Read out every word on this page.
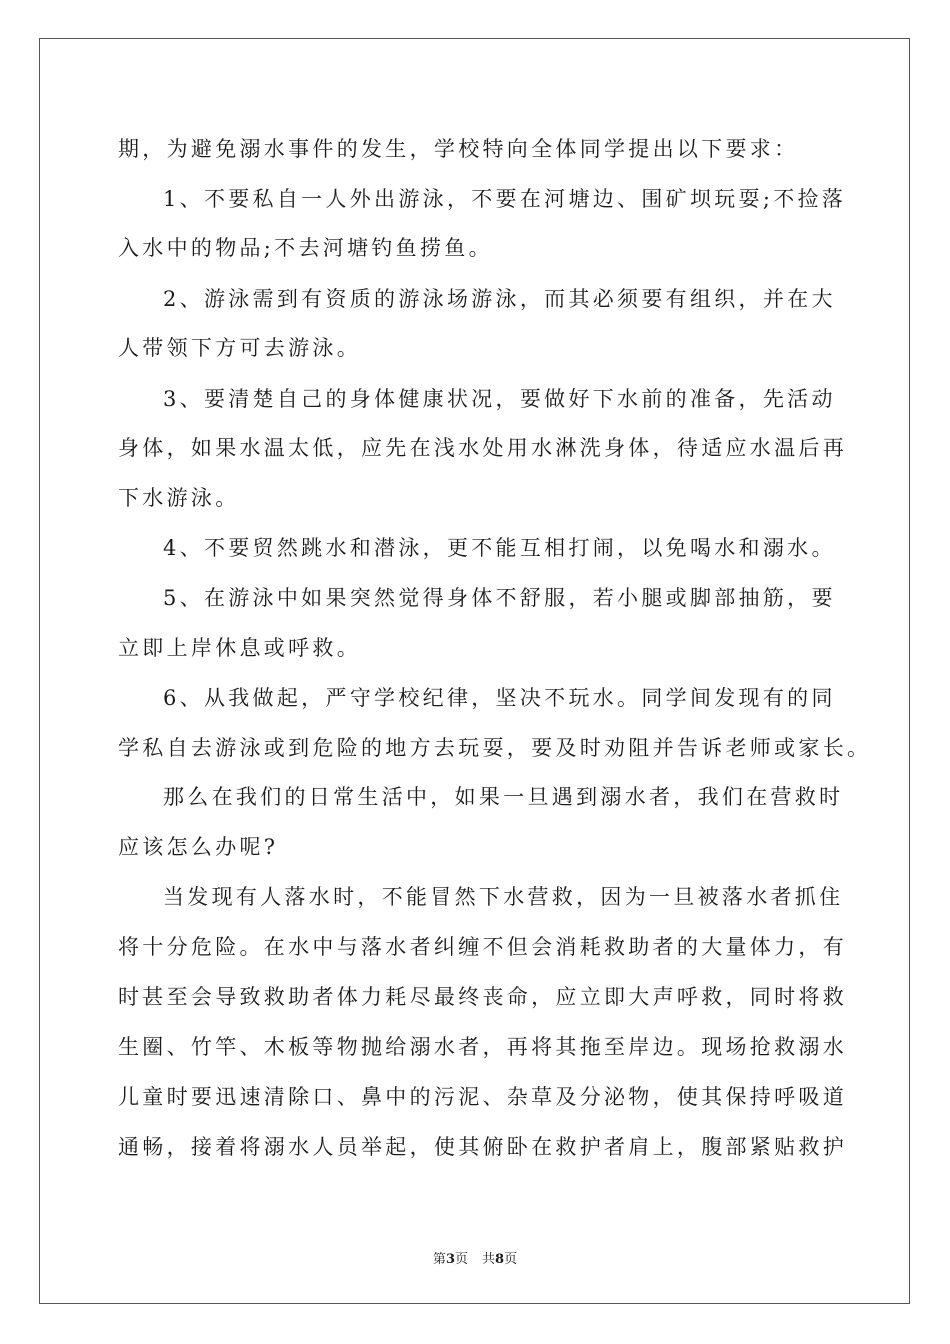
期，为避免溺水事件的发生，学校特向全体同学提出以下要求：
1、不要私自一人外出游泳，不要在河塘边、围矿坝玩耍;不捡落
入水中的物品;不去河塘钓鱼捞鱼。
2、游泳需到有资质的游泳场游泳，而其必须要有组织，并在大
人带领下方可去游泳。
3、要清楚自己的身体健康状况，要做好下水前的准备，先活动
身体，如果水温太低，应先在浅水处用水淋洗身体，待适应水温后再
下水游泳。
4、不要贸然跳水和潜泳，更不能互相打闹，以免喝水和溺水。
5、在游泳中如果突然觉得身体不舒服，若小腿或脚部抽筋，要
立即上岸休息或呼救。
6、从我做起，严守学校纪律，坚决不玩水。同学间发现有的同
学私自去游泳或到危险的地方去玩耍，要及时劝阻并告诉老师或家长。
那么在我们的日常生活中，如果一旦遇到溺水者，我们在营救时
应该怎么办呢?
当发现有人落水时，不能冒然下水营救，因为一旦被落水者抓住
将十分危险。在水中与落水者纠缠不但会消耗救助者的大量体力，有
时甚至会导致救助者体力耗尽最终丧命，应立即大声呼救，同时将救
生圈、竹竿、木板等物抛给溺水者，再将其拖至岸边。现场抢救溺水
儿童时要迅速清除口、鼻中的污泥、杂草及分泌物，使其保持呼吸道
通畅，接着将溺水人员举起，使其俯卧在救护者肩上，腹部紧贴救护
第3页 共8页
